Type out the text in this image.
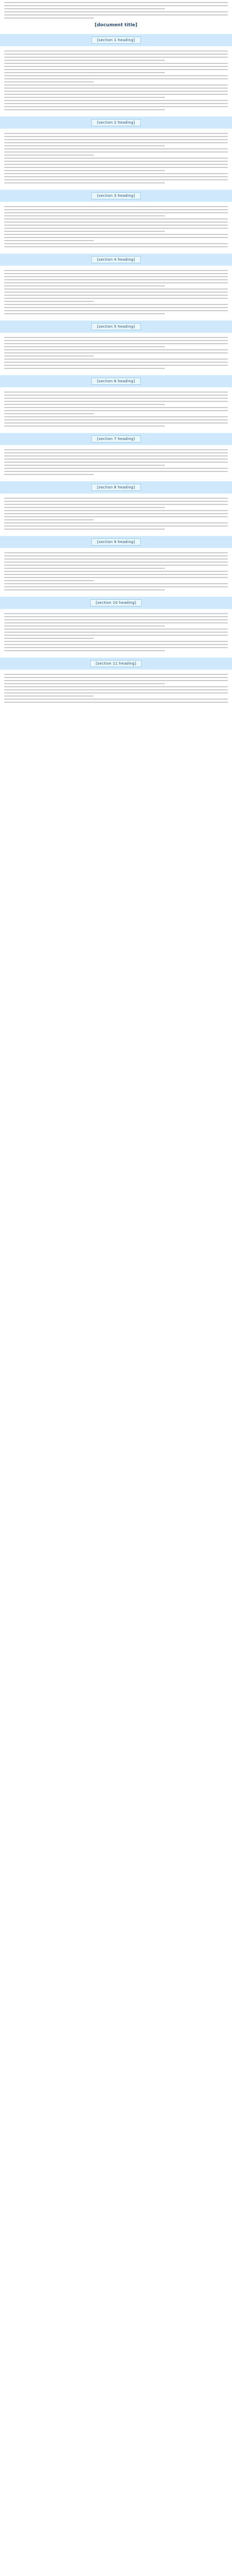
[document title]
[section 1 heading]
[section 2 heading]
[section 3 heading]
[section 4 heading]
[section 5 heading]
[section 6 heading]
[section 7 heading]
[section 8 heading]
[section 9 heading]
[section 10 heading]
[section 11 heading]
